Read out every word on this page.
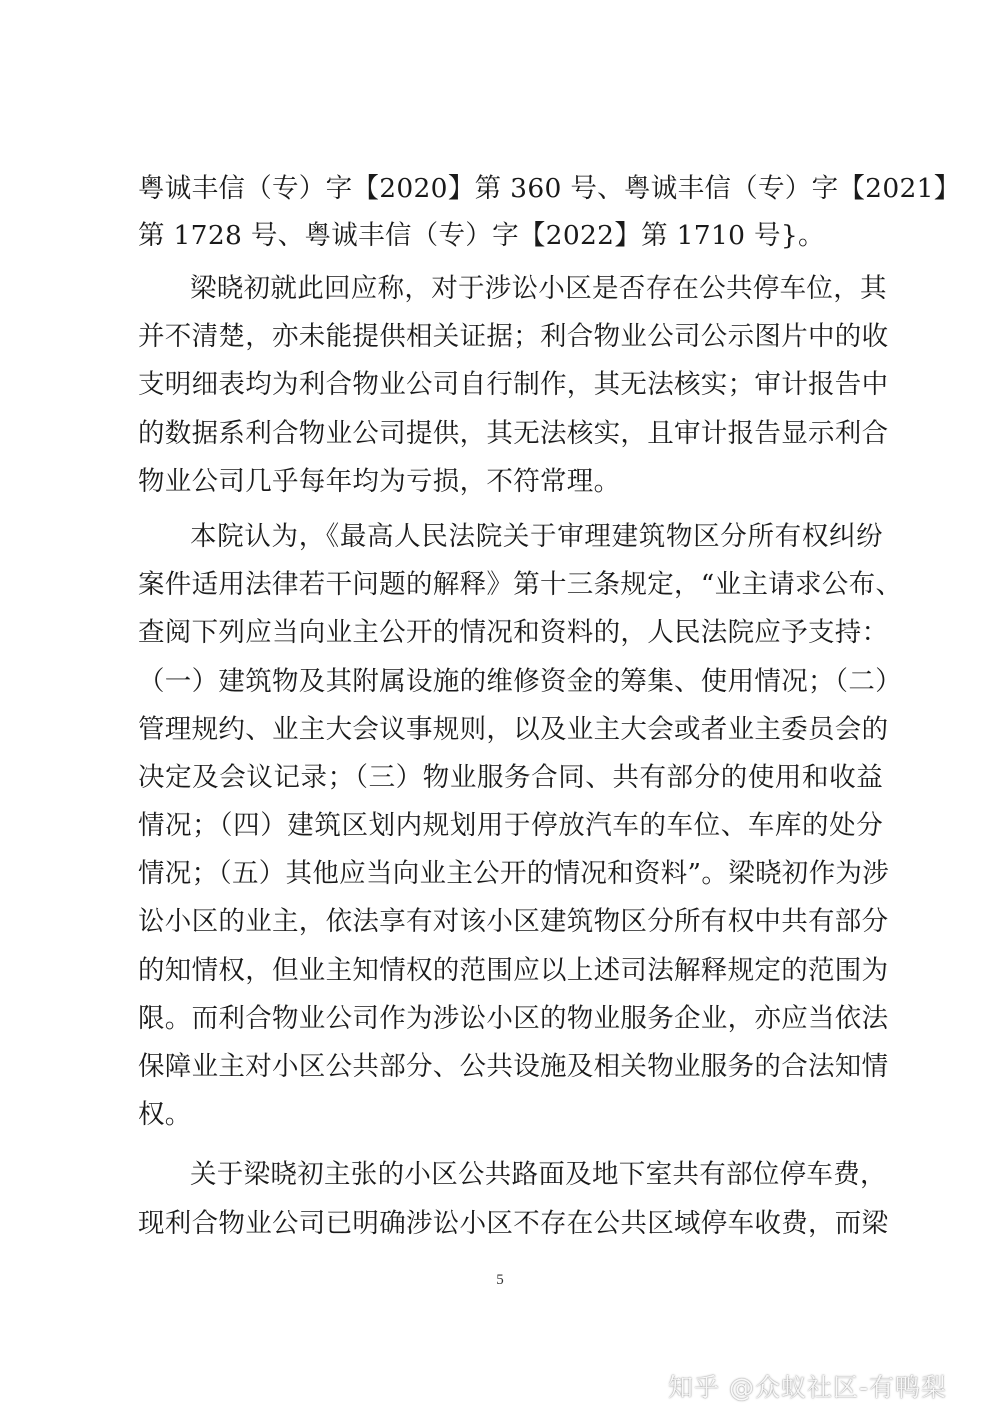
粤诚丰信（专）字【2020】第 360 号、粤诚丰信（专）字【2021】
第 1728 号、粤诚丰信（专）字【2022】第 1710 号}。
梁晓初就此回应称，对于涉讼小区是否存在公共停车位，其
并不清楚，亦未能提供相关证据；利合物业公司公示图片中的收
支明细表均为利合物业公司自行制作，其无法核实；审计报告中
的数据系利合物业公司提供，其无法核实，且审计报告显示利合
物业公司几乎每年均为亏损，不符常理。
本院认为，《最高人民法院关于审理建筑物区分所有权纠纷
案件适用法律若干问题的解释》第十三条规定，“业主请求公布、
查阅下列应当向业主公开的情况和资料的，人民法院应予支持：
（一）建筑物及其附属设施的维修资金的筹集、使用情况；（二）
管理规约、业主大会议事规则，以及业主大会或者业主委员会的
决定及会议记录；（三）物业服务合同、共有部分的使用和收益
情况；（四）建筑区划内规划用于停放汽车的车位、车库的处分
情况；（五）其他应当向业主公开的情况和资料”。梁晓初作为涉
讼小区的业主，依法享有对该小区建筑物区分所有权中共有部分
的知情权，但业主知情权的范围应以上述司法解释规定的范围为
限。而利合物业公司作为涉讼小区的物业服务企业，亦应当依法
保障业主对小区公共部分、公共设施及相关物业服务的合法知情
权。
关于梁晓初主张的小区公共路面及地下室共有部位停车费，
现利合物业公司已明确涉讼小区不存在公共区域停车收费，而梁
5
知乎 @众蚁社区-有鸭梨
